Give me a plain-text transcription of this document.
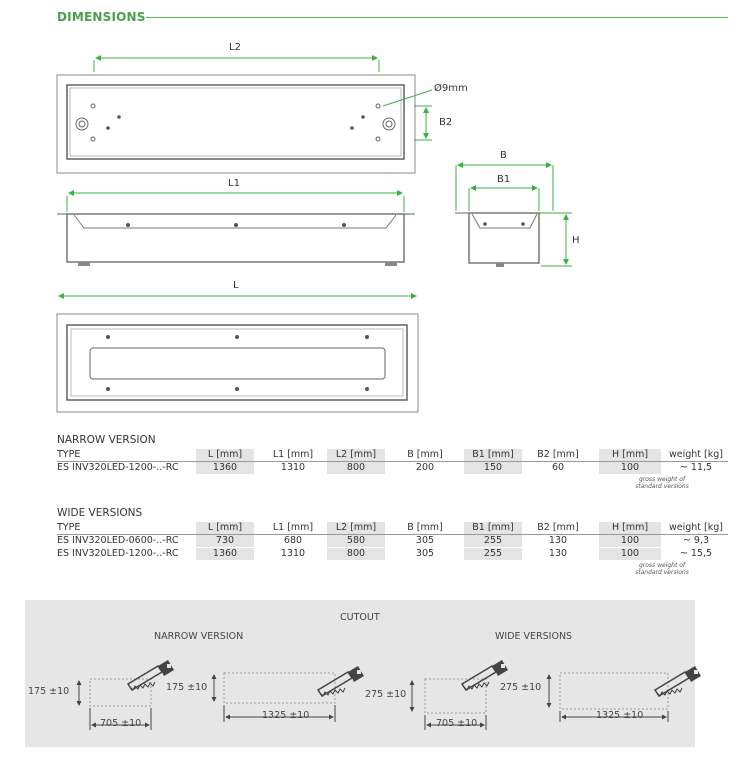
DIMENSIONS
L2
Ø9mm
B2
L1
B
B1
H
L
NARROW VERSION
WIDE VERSIONS
CUTOUT
NARROW VERSION	WIDE VERSIONS
175 ±10
705 ±10
175 ±10
1325 ±10
275 ±10
705 ±10
275 ±10
1325 ±10
TYPE	L [mm]	L1 [mm]	L2 [mm]	B [mm]	B1 [mm]	B2 [mm]	H [mm]	weight [kg]
ES INV320LED-1200-..-RC	1360	1310	800	200	150	60	100	~ 11,5
gross weight of
standard versions
TYPE	L [mm]	L1 [mm]	L2 [mm]	B [mm]	B1 [mm]	B2 [mm]	H [mm]	weight [kg]
ES INV320LED-0600-..-RC	730	680	580	305	255	130	100	~ 9,3
ES INV320LED-1200-..-RC	1360	1310	800	305	255	130	100	~ 15,5
gross weight of
standard versions
